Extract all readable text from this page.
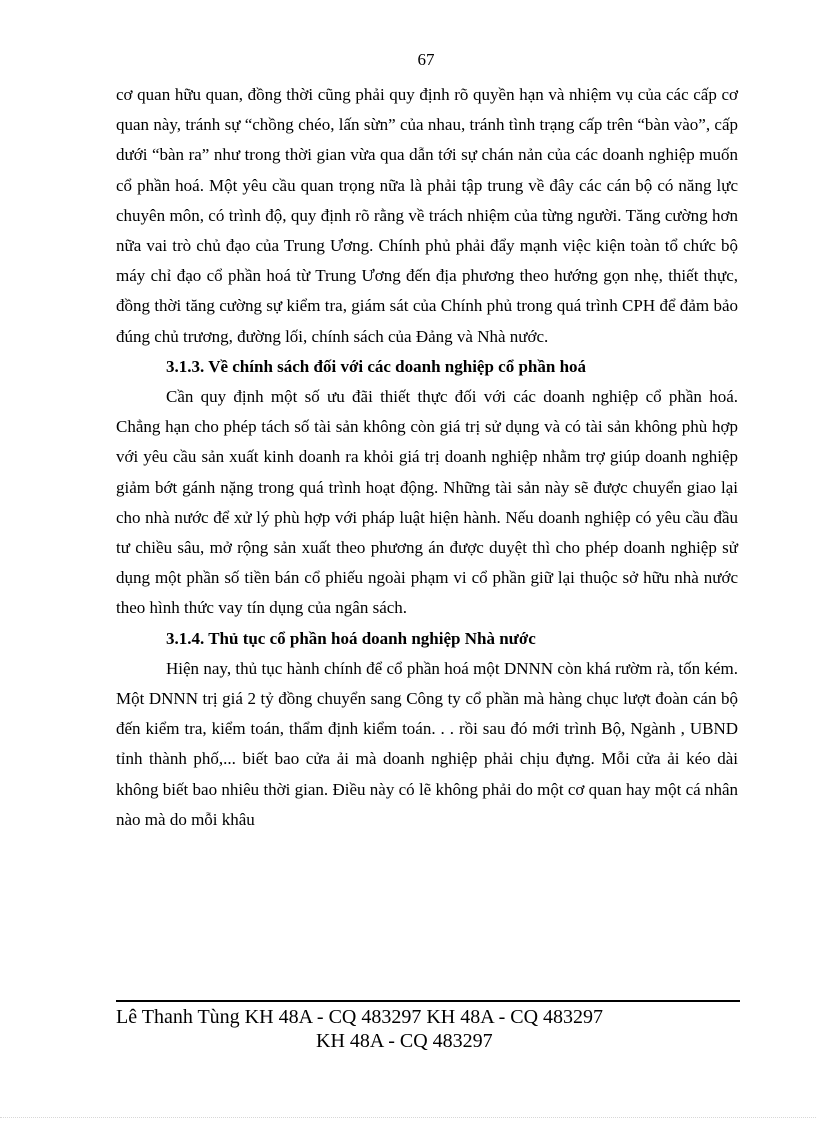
67

cơ quan hữu quan, đồng thời cũng phải quy định rõ quyền hạn và nhiệm vụ của các cấp cơ quan này, tránh sự “chồng chéo, lấn sừn” của nhau, tránh tình trạng cấp trên “bàn vào”, cấp dưới “bàn ra” như trong thời gian vừa qua dẫn tới sự chán nản của các doanh nghiệp muốn cổ phần hoá. Một yêu cầu quan trọng nữa là phải tập trung về đây các cán bộ có năng lực chuyên môn, có trình độ, quy định rõ rằng về trách nhiệm của từng người. Tăng cường hơn nữa vai trò chủ đạo của Trung Ương. Chính phủ phải đẩy mạnh việc kiện toàn tổ chức bộ máy chỉ đạo cổ phần hoá từ Trung Ương đến địa phương theo hướng gọn nhẹ, thiết thực, đồng thời tăng cường sự kiểm tra, giám sát của Chính phủ trong quá trình CPH để đảm bảo đúng chủ trương, đường lối, chính sách của Đảng và Nhà nước.

3.1.3. Về chính sách đối với các doanh nghiệp cổ phần hoá

Cần quy định một số ưu đãi thiết thực đối với các doanh nghiệp cổ phần hoá. Chẳng hạn cho phép tách số tài sản không còn giá trị sử dụng và có tài sản không phù hợp với yêu cầu sản xuất kinh doanh ra khỏi giá trị doanh nghiệp nhằm trợ giúp doanh nghiệp giảm bớt gánh nặng trong quá trình hoạt động. Những tài sản này sẽ được chuyển giao lại cho nhà nước để xử lý phù hợp với pháp luật hiện hành. Nếu doanh nghiệp có yêu cầu đầu tư chiều sâu, mở rộng sản xuất theo phương án được duyệt thì cho phép doanh nghiệp sử dụng một phần số tiền bán cổ phiếu ngoài phạm vi cổ phần giữ lại thuộc sở hữu nhà nước theo hình thức vay tín dụng của ngân sách.

3.1.4. Thủ tục cổ phần hoá doanh nghiệp Nhà nước

Hiện nay, thủ tục hành chính để cổ phần hoá một DNNN còn khá rườm rà, tốn kém. Một DNNN trị giá 2 tỷ đồng chuyển sang Công ty cổ phần mà hàng chục lượt đoàn cán bộ đến kiểm tra, kiểm toán, thẩm định kiểm toán. . . rồi sau đó mới trình Bộ, Ngành , UBND tỉnh thành phố,... biết bao cửa ải mà doanh nghiệp phải chịu đựng. Mỗi cửa ải kéo dài không biết bao nhiêu thời gian. Điều này có lẽ không phải do một cơ quan hay một cá nhân nào mà do mỗi khâu

Lê Thanh Tùng KH 48A - CQ 483297 KH 48A - CQ 483297
KH 48A - CQ 483297
